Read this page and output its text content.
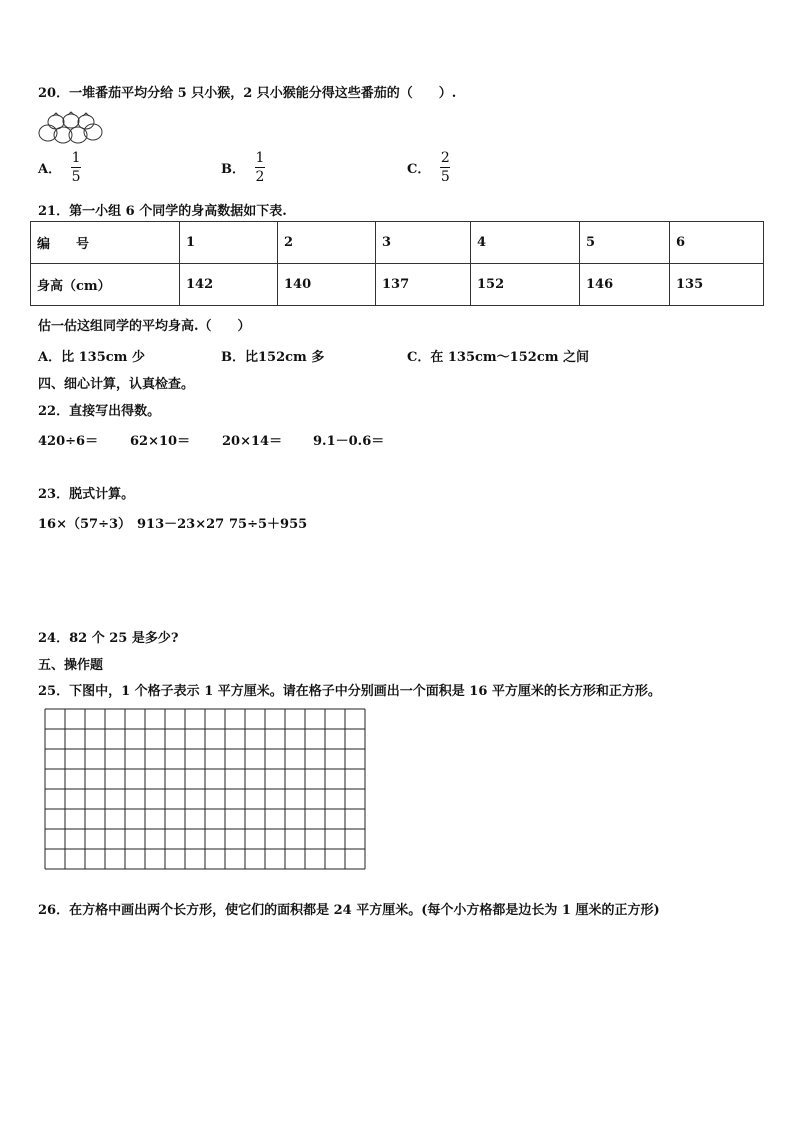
20．一堆番茄平均分给 5 只小猴，2 只小猴能分得这些番茄的（　　）.
A． $\frac{1}{5}$	B． $\frac{1}{2}$	C． $\frac{2}{5}$
21．第一小组 6 个同学的身高数据如下表.
编　　号	1	2	3	4	5	6
身高（cm）	142	140	137	152	146	135
估一估这组同学的平均身高.（　　）
A．比 135cm 少	B．比152cm 多	C．在 135cm～152cm 之间
四、细心计算，认真检查。
22．直接写出得数。
420÷6＝ 62×10＝ 20×14＝ 9.1－0.6＝
23．脱式计算。
16×（57÷3） 913－23×27 75÷5＋955
24．82 个 25 是多少?
五、操作题
25．下图中，1 个格子表示 1 平方厘米。请在格子中分别画出一个面积是 16 平方厘米的长方形和正方形。
26．在方格中画出两个长方形，使它们的面积都是 24 平方厘米。(每个小方格都是边长为 1 厘米的正方形)
